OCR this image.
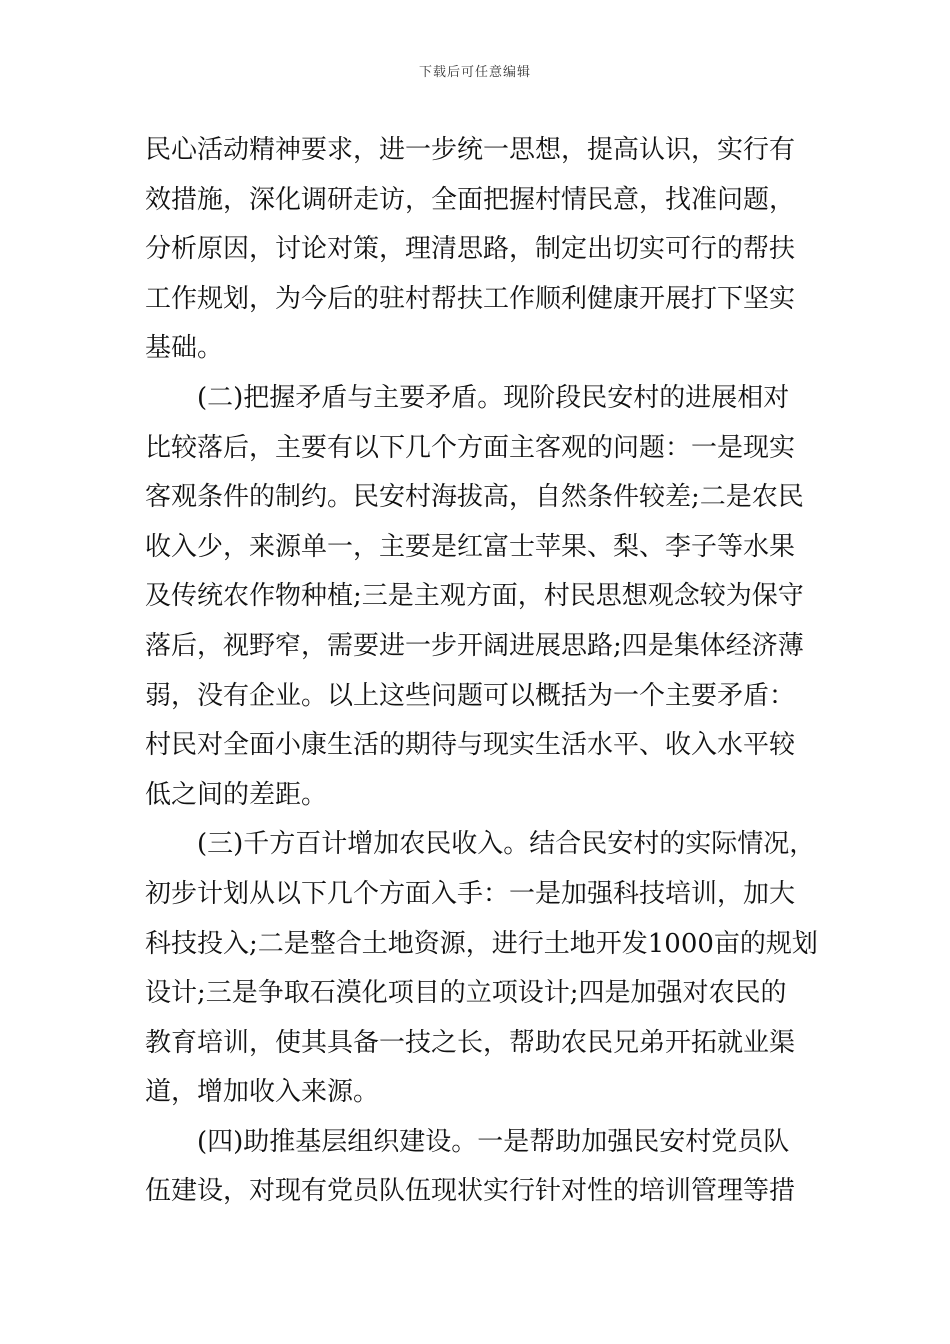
下载后可任意编辑
民心活动精神要求，进一步统一思想，提高认识，实行有
效措施，深化调研走访，全面把握村情民意，找准问题，
分析原因，讨论对策，理清思路，制定出切实可行的帮扶
工作规划，为今后的驻村帮扶工作顺利健康开展打下坚实
基础。
(二)把握矛盾与主要矛盾。现阶段民安村的进展相对
比较落后，主要有以下几个方面主客观的问题：一是现实
客观条件的制约。民安村海拔高，自然条件较差;二是农民
收入少，来源单一，主要是红富士苹果、梨、李子等水果
及传统农作物种植;三是主观方面，村民思想观念较为保守
落后，视野窄，需要进一步开阔进展思路;四是集体经济薄
弱，没有企业。以上这些问题可以概括为一个主要矛盾：
村民对全面小康生活的期待与现实生活水平、收入水平较
低之间的差距。
(三)千方百计增加农民收入。结合民安村的实际情况，
初步计划从以下几个方面入手：一是加强科技培训，加大
科技投入;二是整合土地资源，进行土地开发1000亩的规划
设计;三是争取石漠化项目的立项设计;四是加强对农民的
教育培训，使其具备一技之长，帮助农民兄弟开拓就业渠
道，增加收入来源。
(四)助推基层组织建设。一是帮助加强民安村党员队
伍建设，对现有党员队伍现状实行针对性的培训管理等措
